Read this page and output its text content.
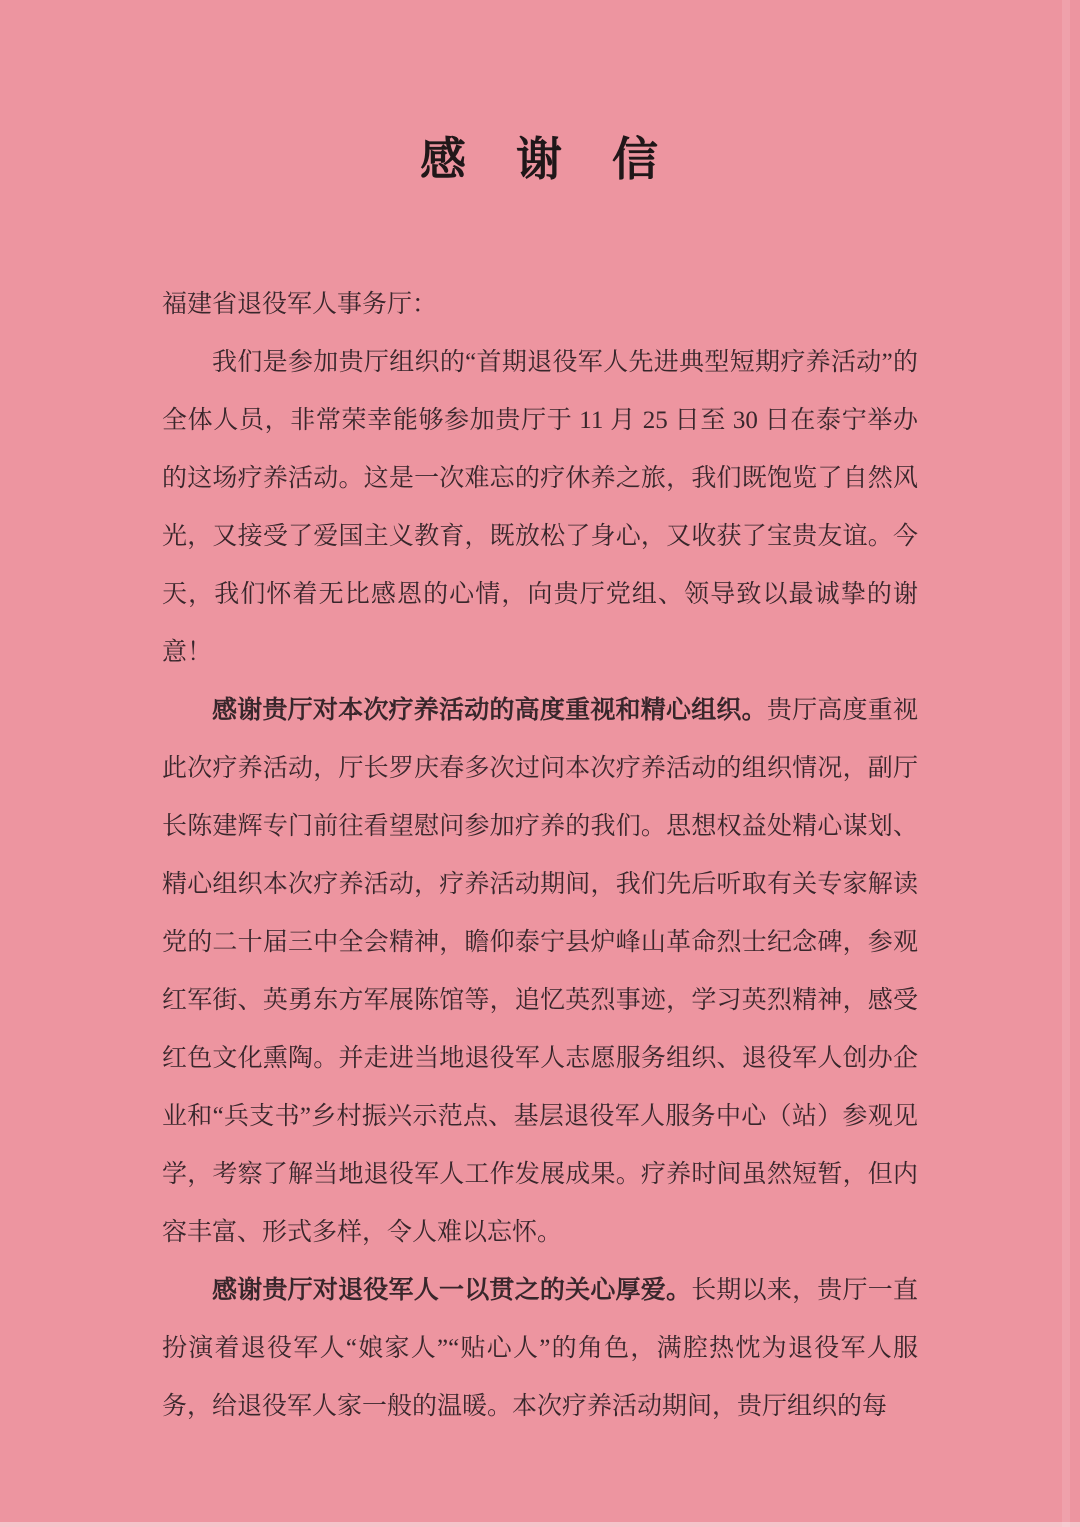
感　谢　信
福建省退役军人事务厅：

我们是参加贵厅组织的“首期退役军人先进典型短期疗养活动”的全体人员，非常荣幸能够参加贵厅于 11 月 25 日至 30 日在泰宁举办的这场疗养活动。这是一次难忘的疗休养之旅，我们既饱览了自然风光，又接受了爱国主义教育，既放松了身心，又收获了宝贵友谊。今天，我们怀着无比感恩的心情，向贵厅党组、领导致以最诚挚的谢意！

感谢贵厅对本次疗养活动的高度重视和精心组织。贵厅高度重视此次疗养活动，厅长罗庆春多次过问本次疗养活动的组织情况，副厅长陈建辉专门前往看望慰问参加疗养的我们。思想权益处精心谋划、精心组织本次疗养活动，疗养活动期间，我们先后听取有关专家解读党的二十届三中全会精神，瞻仰泰宁县炉峰山革命烈士纪念碑，参观红军街、英勇东方军展陈馆等，追忆英烈事迹，学习英烈精神，感受红色文化熏陶。并走进当地退役军人志愿服务组织、退役军人创办企业和“兵支书”乡村振兴示范点、基层退役军人服务中心（站）参观见学，考察了解当地退役军人工作发展成果。疗养时间虽然短暂，但内容丰富、形式多样，令人难以忘怀。

感谢贵厅对退役军人一以贯之的关心厚爱。长期以来，贵厅一直扮演着退役军人“娘家人”“贴心人”的角色，满腔热忱为退役军人服务，给退役军人家一般的温暖。本次疗养活动期间，贵厅组织的每
